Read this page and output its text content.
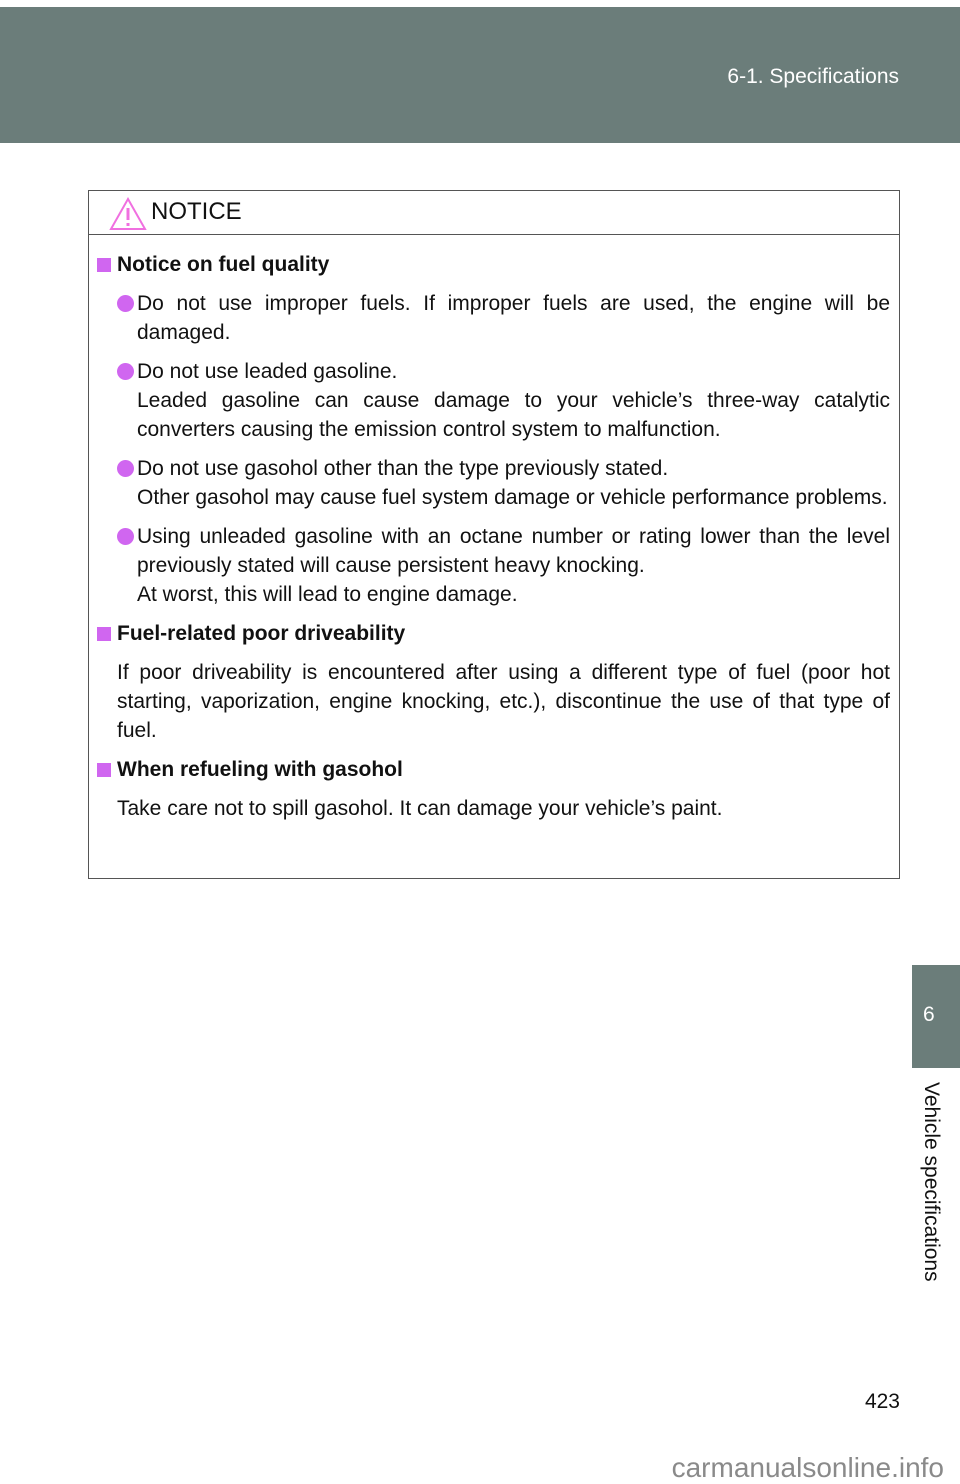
6-1. Specifications
NOTICE
Notice on fuel quality
Do not use improper fuels. If improper fuels are used, the engine will be damaged.
Do not use leaded gasoline.
Leaded gasoline can cause damage to your vehicle’s three-way catalytic converters causing the emission control system to malfunction.
Do not use gasohol other than the type previously stated.
Other gasohol may cause fuel system damage or vehicle performance problems.
Using unleaded gasoline with an octane number or rating lower than the level previously stated will cause persistent heavy knocking.
At worst, this will lead to engine damage.
Fuel-related poor driveability
If poor driveability is encountered after using a different type of fuel (poor hot starting, vaporization, engine knocking, etc.), discontinue the use of that type of fuel.
When refueling with gasohol
Take care not to spill gasohol. It can damage your vehicle’s paint.
6
Vehicle specifications
423
carmanualsonline.info
